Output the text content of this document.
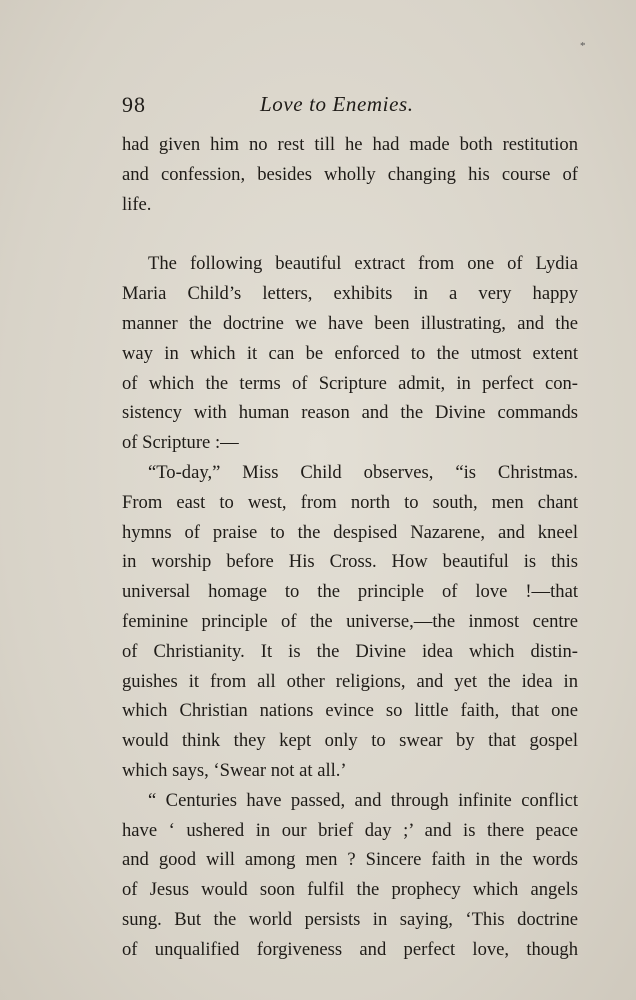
*
98	Love to Enemies.
had given him no rest till he had made both restitution
and confession, besides wholly changing his course of
life.
The following beautiful extract from one of Lydia
Maria Child’s letters, exhibits in a very happy
manner the doctrine we have been illustrating, and the
way in which it can be enforced to the utmost extent
of which the terms of Scripture admit, in perfect con-
sistency with human reason and the Divine commands
of Scripture :—
“To-day,” Miss Child observes, “is Christmas.
From east to west, from north to south, men chant
hymns of praise to the despised Nazarene, and kneel
in worship before His Cross. How beautiful is this
universal homage to the principle of love !—that
feminine principle of the universe,—the inmost centre
of Christianity. It is the Divine idea which distin-
guishes it from all other religions, and yet the idea in
which Christian nations evince so little faith, that one
would think they kept only to swear by that gospel
which says, ‘Swear not at all.’
“ Centuries have passed, and through infinite conflict
have ‘ ushered in our brief day ;’ and is there peace
and good will among men ? Sincere faith in the words
of Jesus would soon fulfil the prophecy which angels
sung. But the world persists in saying, ‘This doctrine
of unqualified forgiveness and perfect love, though
